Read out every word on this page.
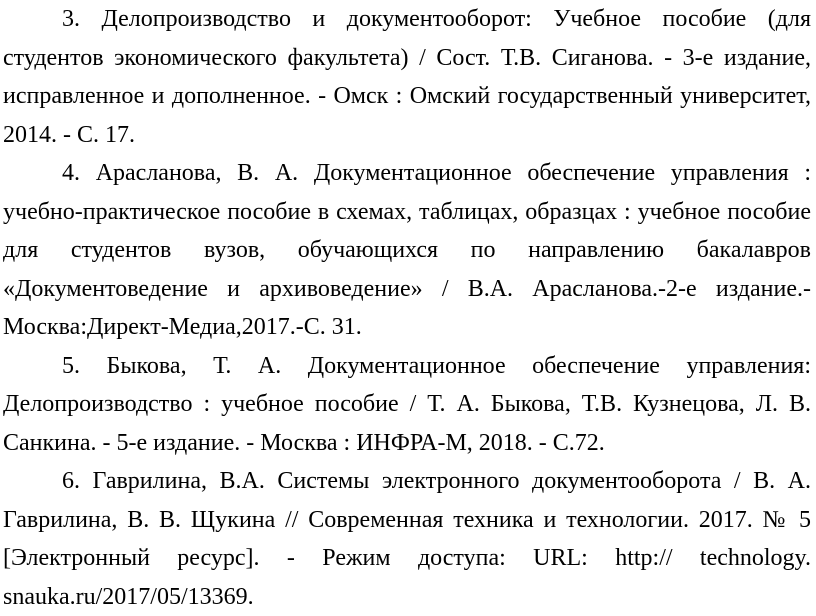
3. Делопроизводство и документооборот: Учебное пособие (для студентов экономического факультета) / Сост. Т.В. Сиганова. - 3-е издание, исправленное и дополненное. - Омск : Омский государственный университет, 2014. - С. 17.

4. Арасланова, В. А. Документационное обеспечение управления : учебно-практическое пособие в схемах, таблицах, образцах : учебное пособие для студентов вузов, обучающихся по направлению бакалавров «Документоведение и архивоведение» / В.А. Арасланова.-2-е издание.-Москва:Директ-Медиа,2017.-С. 31.

5. Быкова, Т. А. Документационное обеспечение управления: Делопроизводство : учебное пособие / Т. А. Быкова, Т.В. Кузнецова, Л. В. Санкина. - 5-е издание. - Москва : ИНФРА-М, 2018. - С.72.

6. Гаврилина, В.А. Системы электронного документооборота / В. А. Гаврилина, В. В. Щукина // Современная техника и технологии. 2017. № 5 [Электронный ресурс]. - Режим доступа: URL: http:// technology. snauka.ru/2017/05/13369.
